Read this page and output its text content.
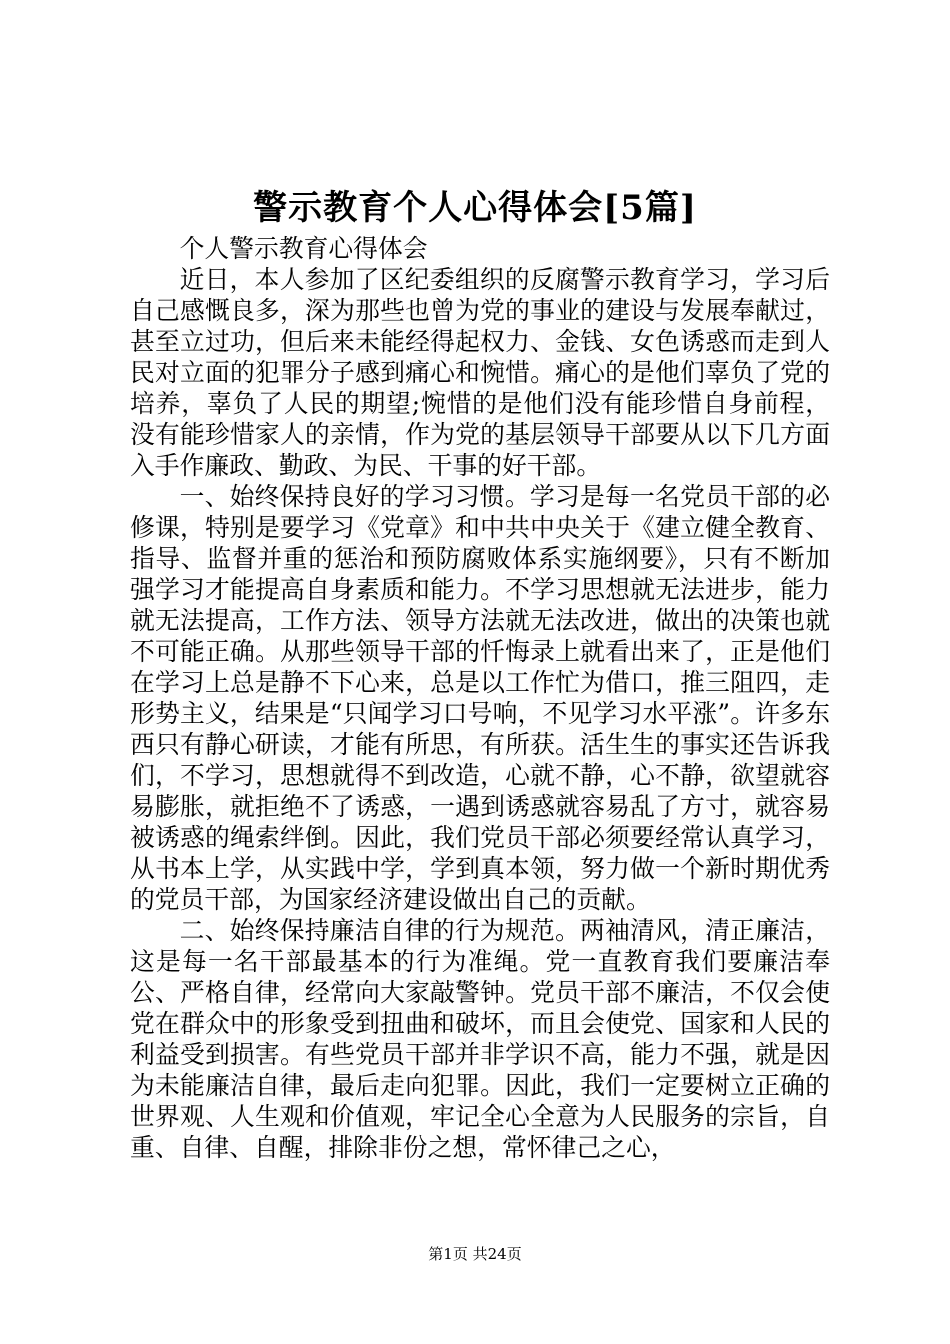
警示教育个人心得体会[5篇]

个人警示教育心得体会

近日，本人参加了区纪委组织的反腐警示教育学习，学习后自己感慨良多，深为那些也曾为党的事业的建设与发展奉献过，甚至立过功，但后来未能经得起权力、金钱、女色诱惑而走到人民对立面的犯罪分子感到痛心和惋惜。痛心的是他们辜负了党的培养，辜负了人民的期望;惋惜的是他们没有能珍惜自身前程，没有能珍惜家人的亲情，作为党的基层领导干部要从以下几方面入手作廉政、勤政、为民、干事的好干部。

一、始终保持良好的学习习惯。学习是每一名党员干部的必修课，特别是要学习《党章》和中共中央关于《建立健全教育、指导、监督并重的惩治和预防腐败体系实施纲要》，只有不断加强学习才能提高自身素质和能力。不学习思想就无法进步，能力就无法提高，工作方法、领导方法就无法改进，做出的决策也就不可能正确。从那些领导干部的忏悔录上就看出来了，正是他们在学习上总是静不下心来，总是以工作忙为借口，推三阻四，走形势主义，结果是“只闻学习口号响，不见学习水平涨”。许多东西只有静心研读，才能有所思，有所获。活生生的事实还告诉我们，不学习，思想就得不到改造，心就不静，心不静，欲望就容易膨胀，就拒绝不了诱惑，一遇到诱惑就容易乱了方寸，就容易被诱惑的绳索绊倒。因此，我们党员干部必须要经常认真学习，从书本上学，从实践中学，学到真本领，努力做一个新时期优秀的党员干部，为国家经济建设做出自己的贡献。

二、始终保持廉洁自律的行为规范。两袖清风，清正廉洁，这是每一名干部最基本的行为准绳。党一直教育我们要廉洁奉公、严格自律，经常向大家敲警钟。党员干部不廉洁，不仅会使党在群众中的形象受到扭曲和破坏，而且会使党、国家和人民的利益受到损害。有些党员干部并非学识不高，能力不强，就是因为未能廉洁自律，最后走向犯罪。因此，我们一定要树立正确的世界观、人生观和价值观，牢记全心全意为人民服务的宗旨，自重、自律、自醒，排除非份之想，常怀律己之心，

第1页 共24页
